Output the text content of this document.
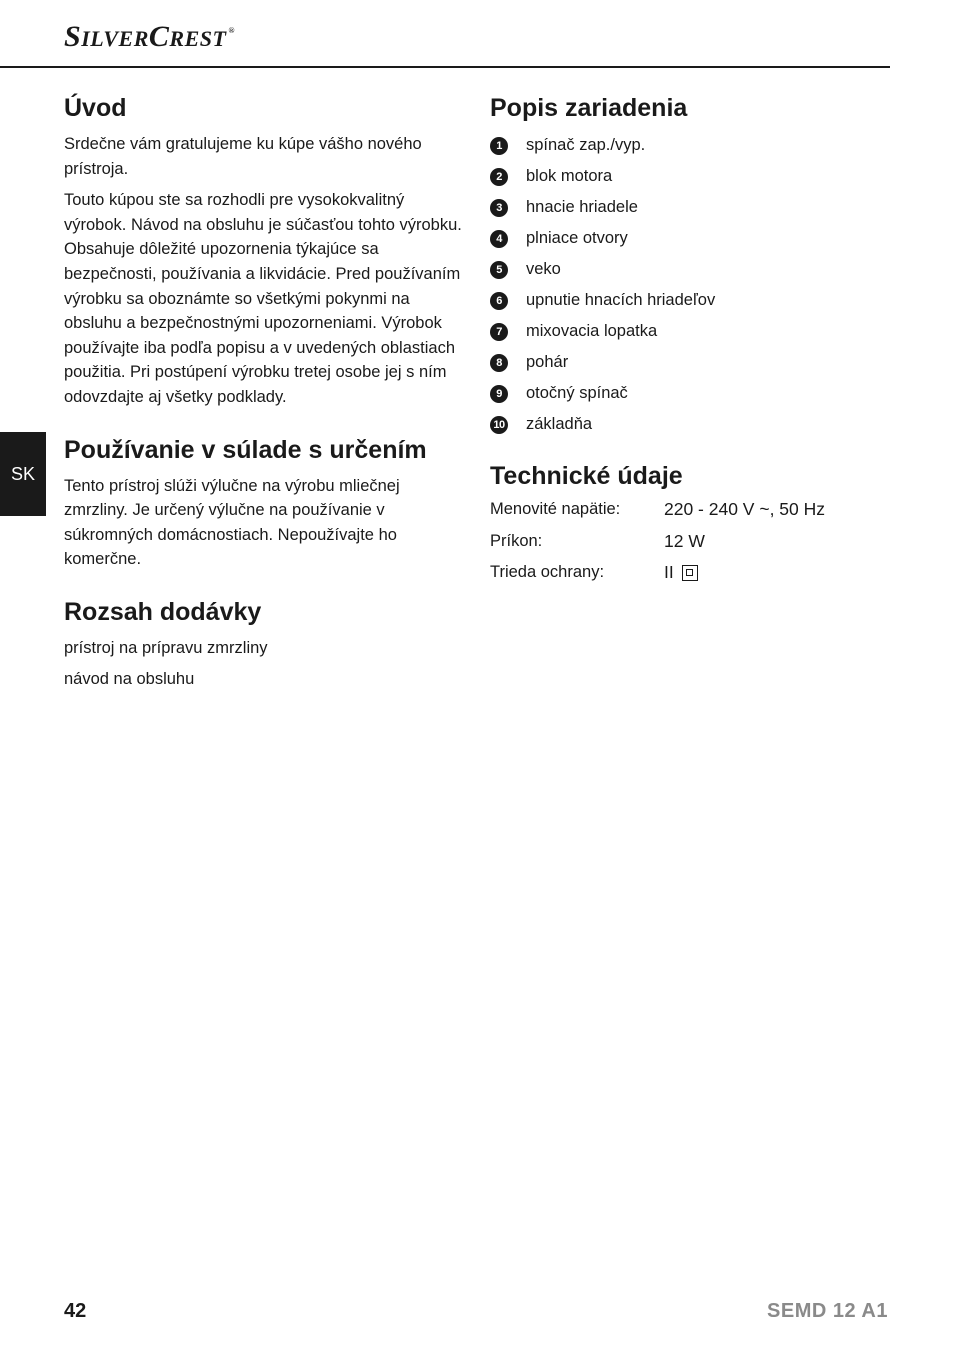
SILVERCREST ®
SK
Úvod

Srdečne vám gratulujeme ku kúpe vášho nového prístroja.

Touto kúpou ste sa rozhodli pre vysokokvalitný výrobok. Návod na obsluhu je súčasťou tohto výrobku. Obsahuje dôležité upozornenia týkajúce sa bezpečnosti, používania a likvidácie. Pred používaním výrobku sa oboznámte so všetkými pokynmi na obsluhu a bezpečnostnými upozorneniami. Výrobok používajte iba podľa popisu a v uvedených oblastiach použitia. Pri postúpení výrobku tretej osobe jej s ním odovzdajte aj všetky podklady.

Používanie v súlade s určením

Tento prístroj slúži výlučne na výrobu mliečnej zmrzliny. Je určený výlučne na používanie v súkromných domácnostiach. Nepoužívajte ho komerčne.

Rozsah dodávky
prístroj na prípravu zmrzliny
návod na obsluhu
Popis zariadenia
1	spínač zap./vyp.
2	blok motora
3	hnacie hriadele
4	plniace otvory
5	veko
6	upnutie hnacích hriadeľov
7	mixovacia lopatka
8	pohár
9	otočný spínač
10 základňa
Technické údaje
Menovité napätie:	220 - 240 V ~, 50 Hz
Príkon:	12 W
Trieda ochrany:	II
42	SEMD 12 A1
